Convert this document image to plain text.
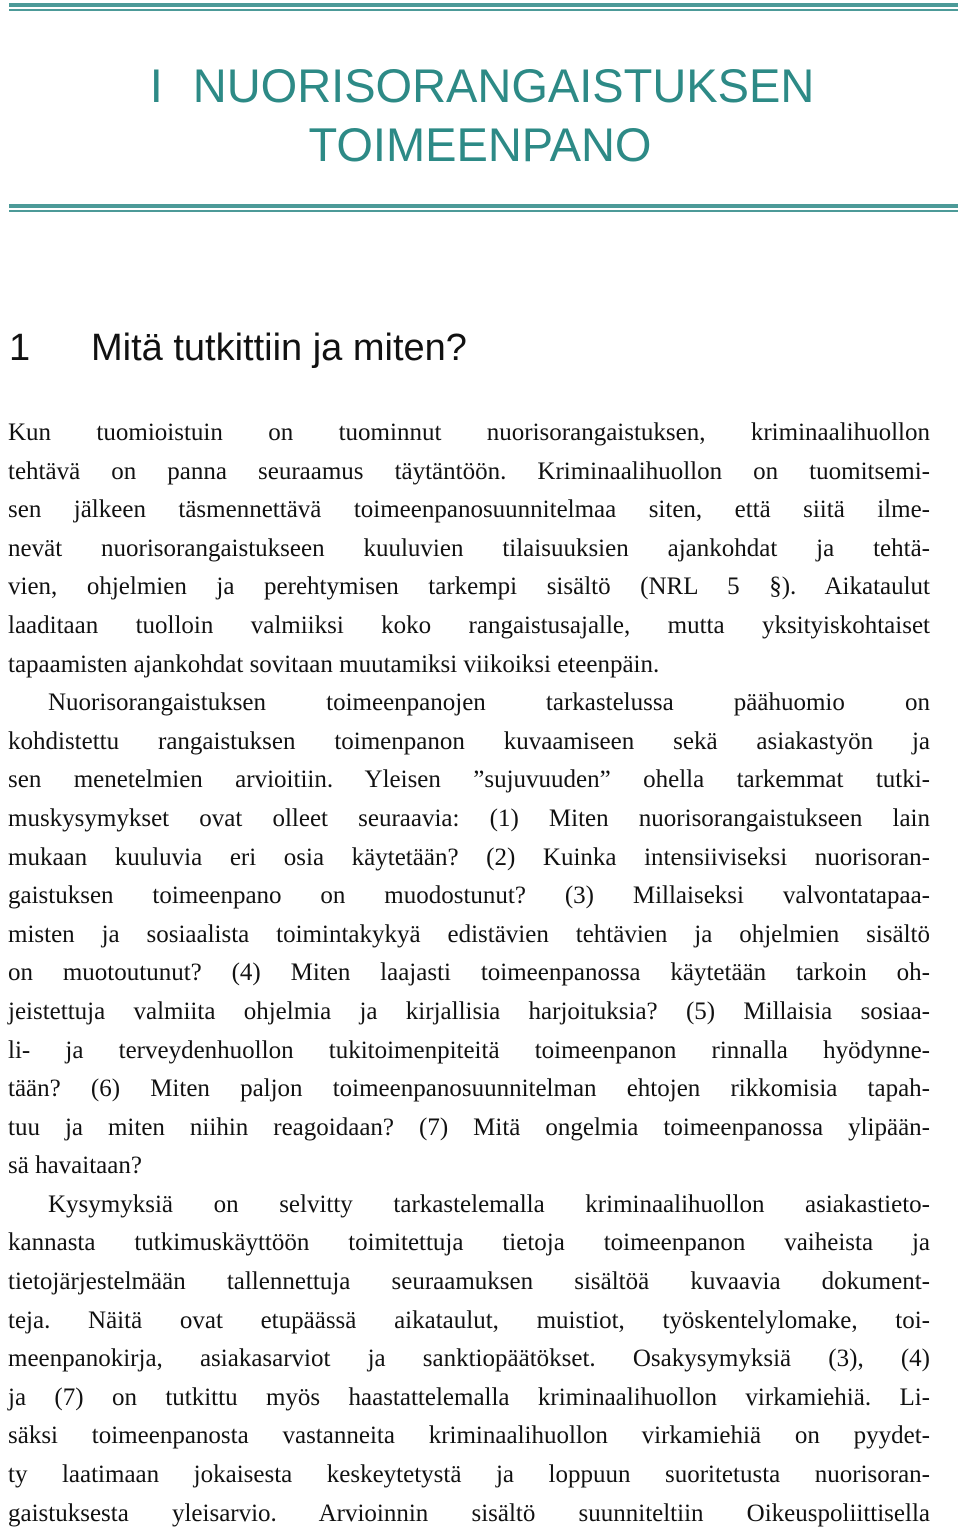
I NUORISORANGAISTUKSEN
TOIMEENPANO
1 Mitä tutkittiin ja miten?
Kun tuomioistuin on tuominnut nuorisorangaistuksen, kriminaalihuollon
tehtävä on panna seuraamus täytäntöön. Kriminaalihuollon on tuomitsemi-
sen jälkeen täsmennettävä toimeenpanosuunnitelmaa siten, että siitä ilme-
nevät nuorisorangaistukseen kuuluvien tilaisuuksien ajankohdat ja tehtä-
vien, ohjelmien ja perehtymisen tarkempi sisältö (NRL 5 §). Aikataulut
laaditaan tuolloin valmiiksi koko rangaistusajalle, mutta yksityiskohtaiset
tapaamisten ajankohdat sovitaan muutamiksi viikoiksi eteenpäin.
Nuorisorangaistuksen toimeenpanojen tarkastelussa päähuomio on
kohdistettu rangaistuksen toimenpanon kuvaamiseen sekä asiakastyön ja
sen menetelmien arvioitiin. Yleisen ”sujuvuuden” ohella tarkemmat tutki-
muskysymykset ovat olleet seuraavia: (1) Miten nuorisorangaistukseen lain
mukaan kuuluvia eri osia käytetään? (2) Kuinka intensiiviseksi nuorisoran-
gaistuksen toimeenpano on muodostunut? (3) Millaiseksi valvontatapaa-
misten ja sosiaalista toimintakykyä edistävien tehtävien ja ohjelmien sisältö
on muotoutunut? (4) Miten laajasti toimeenpanossa käytetään tarkoin oh-
jeistettuja valmiita ohjelmia ja kirjallisia harjoituksia? (5) Millaisia sosiaa-
li- ja terveydenhuollon tukitoimenpiteitä toimeenpanon rinnalla hyödynne-
tään? (6) Miten paljon toimeenpanosuunnitelman ehtojen rikkomisia tapah-
tuu ja miten niihin reagoidaan? (7) Mitä ongelmia toimeenpanossa ylipään-
sä havaitaan?
Kysymyksiä on selvitty tarkastelemalla kriminaalihuollon asiakastieto-
kannasta tutkimuskäyttöön toimitettuja tietoja toimeenpanon vaiheista ja
tietojärjestelmään tallennettuja seuraamuksen sisältöä kuvaavia dokument-
teja. Näitä ovat etupäässä aikataulut, muistiot, työskentelylomake, toi-
meenpanokirja, asiakasarviot ja sanktiopäätökset. Osakysymyksiä (3), (4)
ja (7) on tutkittu myös haastattelemalla kriminaalihuollon virkamiehiä. Li-
säksi toimeenpanosta vastanneita kriminaalihuollon virkamiehiä on pyydet-
ty laatimaan jokaisesta keskeytetystä ja loppuun suoritetusta nuorisoran-
gaistuksesta yleisarvio. Arvioinnin sisältö suunniteltiin Oikeuspoliittisella
